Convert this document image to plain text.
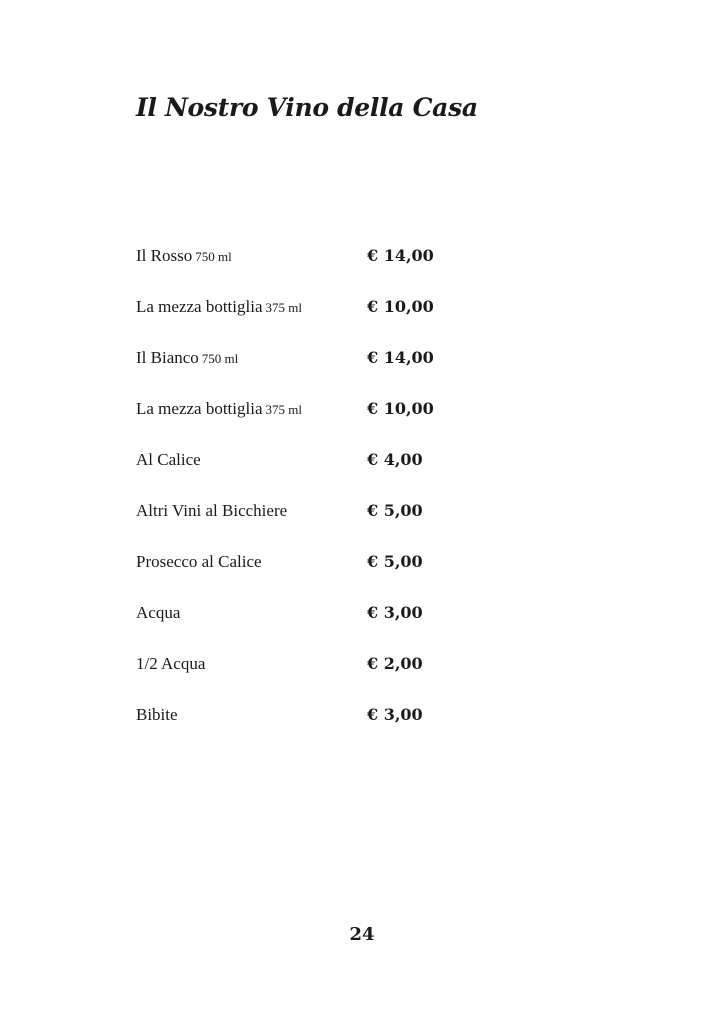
Il Nostro Vino della Casa
Il Rosso 750 ml	€ 14,00
La mezza bottiglia 375 ml	€ 10,00
Il Bianco 750 ml	€ 14,00
La mezza bottiglia 375 ml	€ 10,00
Al Calice	€ 4,00
Altri Vini al Bicchiere	€ 5,00
Prosecco al Calice	€ 5,00
Acqua	€ 3,00
1/2 Acqua	€ 2,00
Bibite	€ 3,00
24
